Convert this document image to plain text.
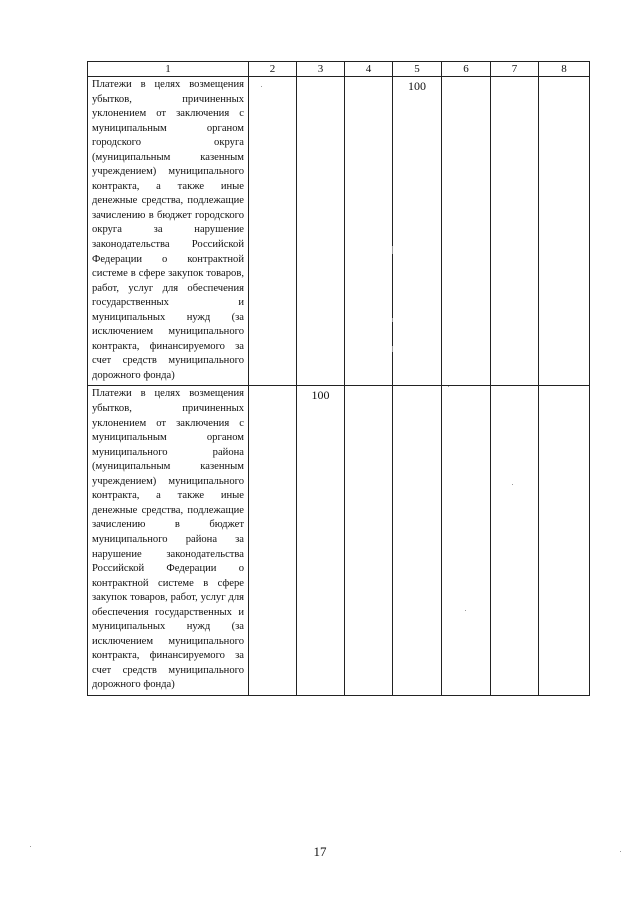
1	2	3	4	5	6	7	8
Платежи в целях возмещения убытков, причиненных уклонением от заключения с муниципальным органом городского округа (муниципальным казенным учреждением) муниципального контракта, а также иные денежные средства, подлежащие зачислению в бюджет городского округа за нарушение законодательства Российской Федерации о контрактной системе в сфере закупок товаров, работ, услуг для обеспечения государственных и муниципальных нужд (за исключением муниципального контракта, финансируемого за счет средств муниципального дорожного фонда)				100			
Платежи в целях возмещения убытков, причиненных уклонением от заключения с муниципальным органом муниципального района (муниципальным казенным учреждением) муниципального контракта, а также иные денежные средства, подлежащие зачислению в бюджет муниципального района за нарушение законодательства Российской Федерации о контрактной системе в сфере закупок товаров, работ, услуг для обеспечения государственных и муниципальных нужд (за исключением муниципального контракта, финансируемого за счет средств муниципального дорожного фонда)		100					
17
